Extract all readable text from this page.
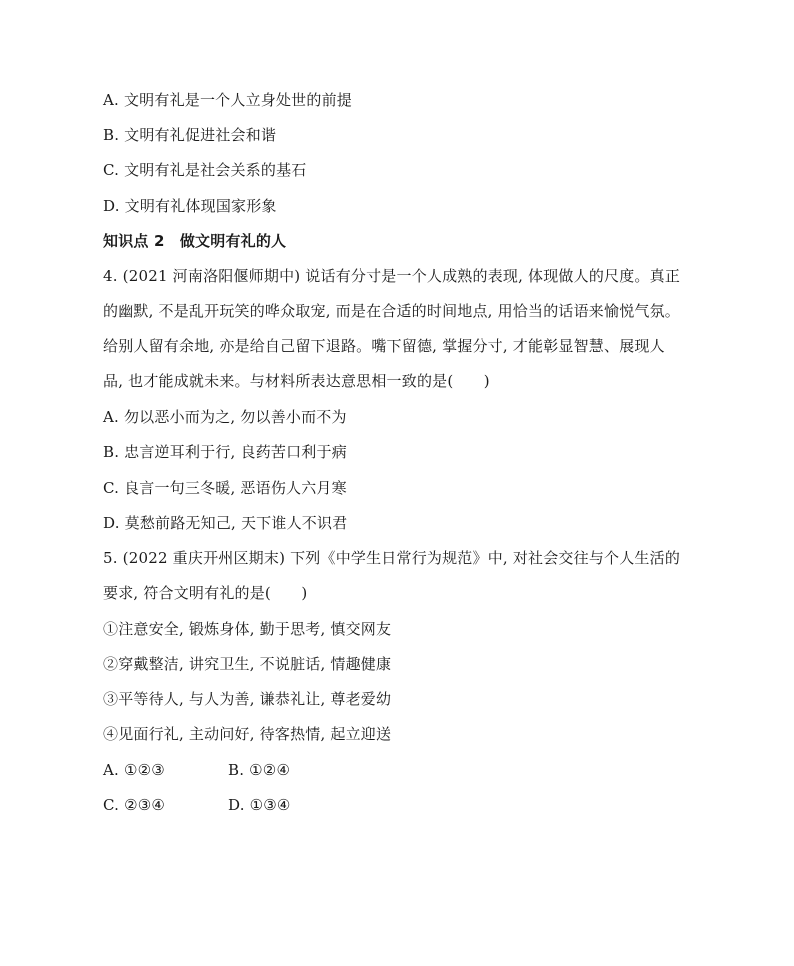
A. 文明有礼是一个人立身处世的前提
B. 文明有礼促进社会和谐
C. 文明有礼是社会关系的基石
D. 文明有礼体现国家形象
知识点 2　做文明有礼的人
4. (2021 河南洛阳偃师期中) 说话有分寸是一个人成熟的表现, 体现做人的尺度。真正
的幽默, 不是乱开玩笑的哗众取宠, 而是在合适的时间地点, 用恰当的话语来愉悦气氛。
给别人留有余地, 亦是给自己留下退路。嘴下留德, 掌握分寸, 才能彰显智慧、展现人
品, 也才能成就未来。与材料所表达意思相一致的是(　　)
A. 勿以恶小而为之, 勿以善小而不为
B. 忠言逆耳利于行, 良药苦口利于病
C. 良言一句三冬暖, 恶语伤人六月寒
D. 莫愁前路无知己, 天下谁人不识君
5. (2022 重庆开州区期末) 下列《中学生日常行为规范》中, 对社会交往与个人生活的
要求, 符合文明有礼的是(　　)
①注意安全, 锻炼身体, 勤于思考, 慎交网友
②穿戴整洁, 讲究卫生, 不说脏话, 情趣健康
③平等待人, 与人为善, 谦恭礼让, 尊老爱幼
④见面行礼, 主动问好, 待客热情, 起立迎送
A. ①②③	B. ①②④
C. ②③④	D. ①③④
